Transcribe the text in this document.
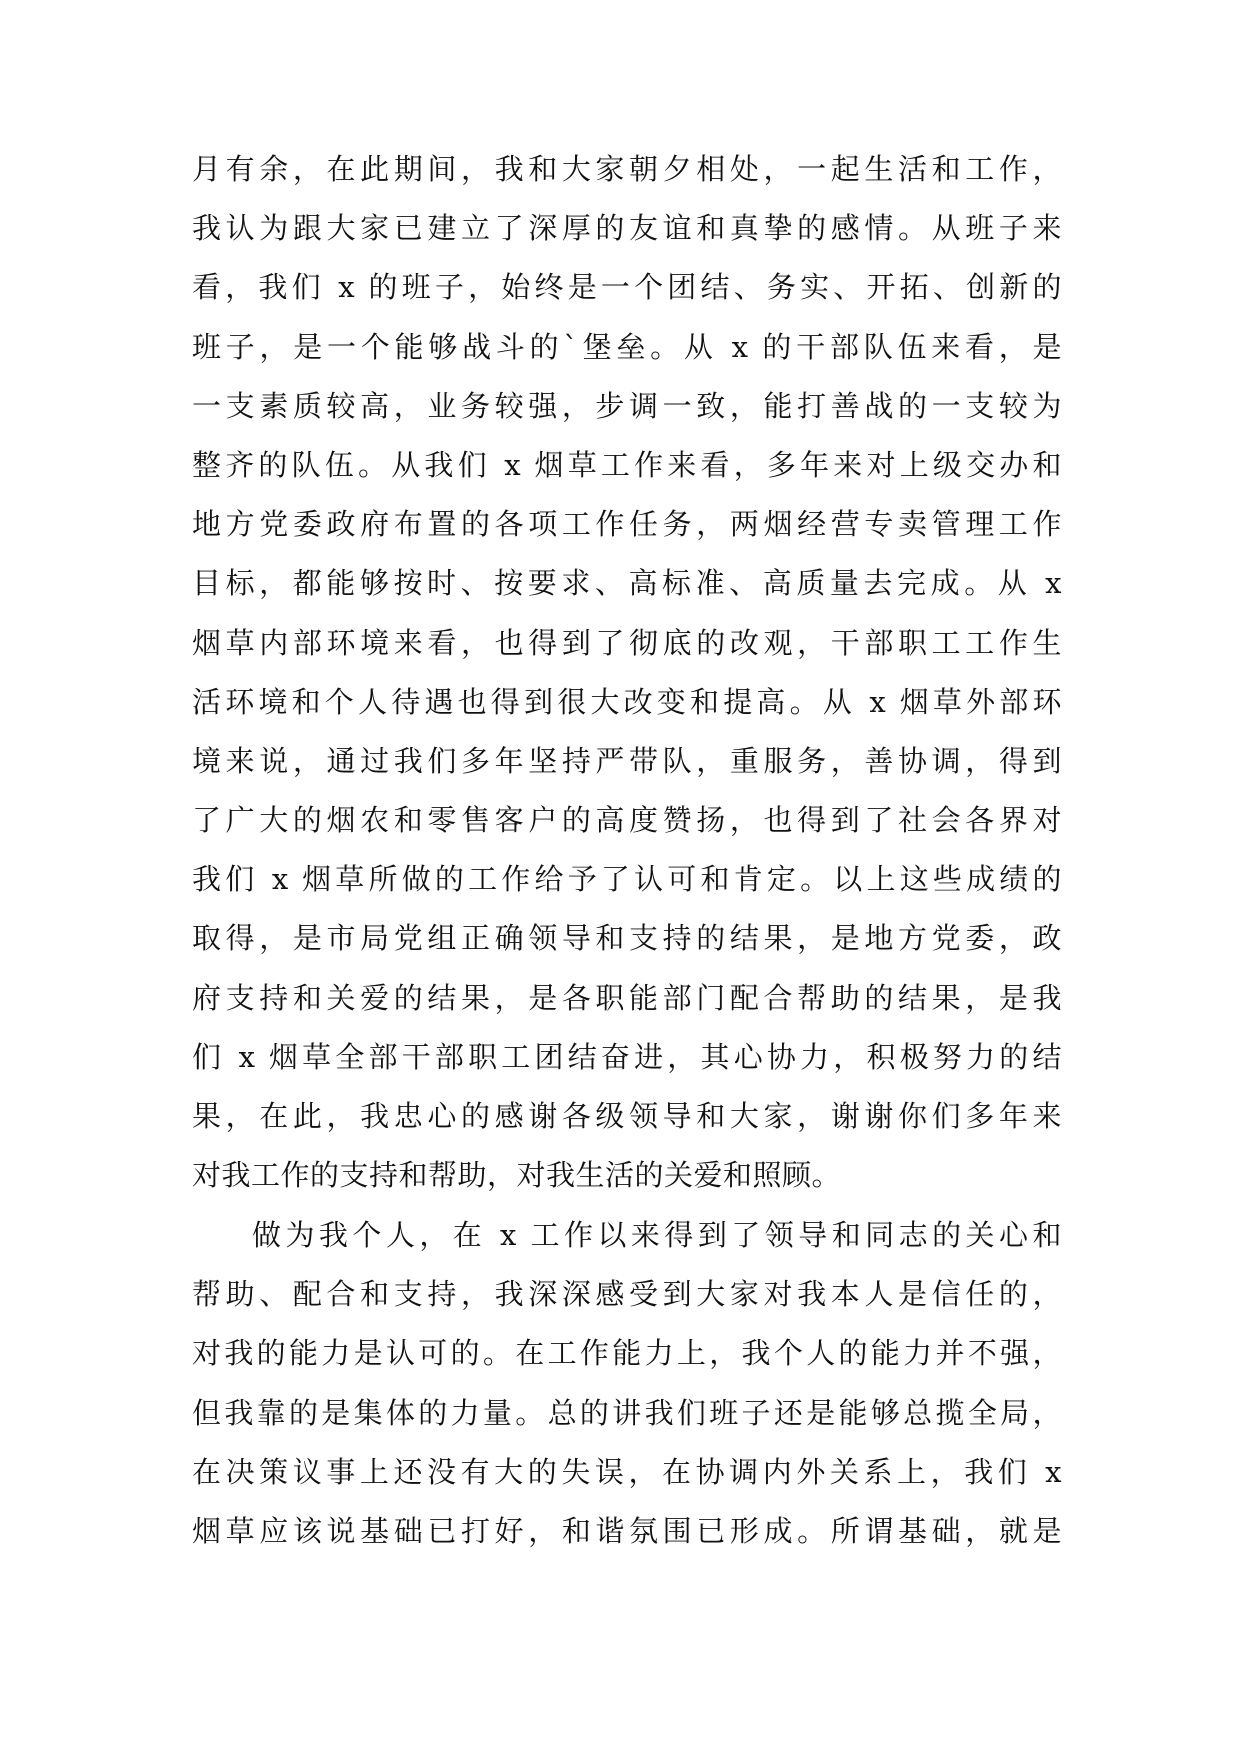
月有余，在此期间，我和大家朝夕相处，一起生活和工作，
我认为跟大家已建立了深厚的友谊和真挚的感情。从班子来
看，我们 x 的班子，始终是一个团结、务实、开拓、创新的
班子，是一个能够战斗的`堡垒。从 x 的干部队伍来看，是
一支素质较高，业务较强，步调一致，能打善战的一支较为
整齐的队伍。从我们 x 烟草工作来看，多年来对上级交办和
地方党委政府布置的各项工作任务，两烟经营专卖管理工作
目标，都能够按时、按要求、高标准、高质量去完成。从 x
烟草内部环境来看，也得到了彻底的改观，干部职工工作生
活环境和个人待遇也得到很大改变和提高。从 x 烟草外部环
境来说，通过我们多年坚持严带队，重服务，善协调，得到
了广大的烟农和零售客户的高度赞扬，也得到了社会各界对
我们 x 烟草所做的工作给予了认可和肯定。以上这些成绩的
取得，是市局党组正确领导和支持的结果，是地方党委，政
府支持和关爱的结果，是各职能部门配合帮助的结果，是我
们 x 烟草全部干部职工团结奋进，其心协力，积极努力的结
果，在此，我忠心的感谢各级领导和大家，谢谢你们多年来
对我工作的支持和帮助，对我生活的关爱和照顾。
做为我个人，在 x 工作以来得到了领导和同志的关心和
帮助、配合和支持，我深深感受到大家对我本人是信任的，
对我的能力是认可的。在工作能力上，我个人的能力并不强，
但我靠的是集体的力量。总的讲我们班子还是能够总揽全局，
在决策议事上还没有大的失误，在协调内外关系上，我们 x
烟草应该说基础已打好，和谐氛围已形成。所谓基础，就是
